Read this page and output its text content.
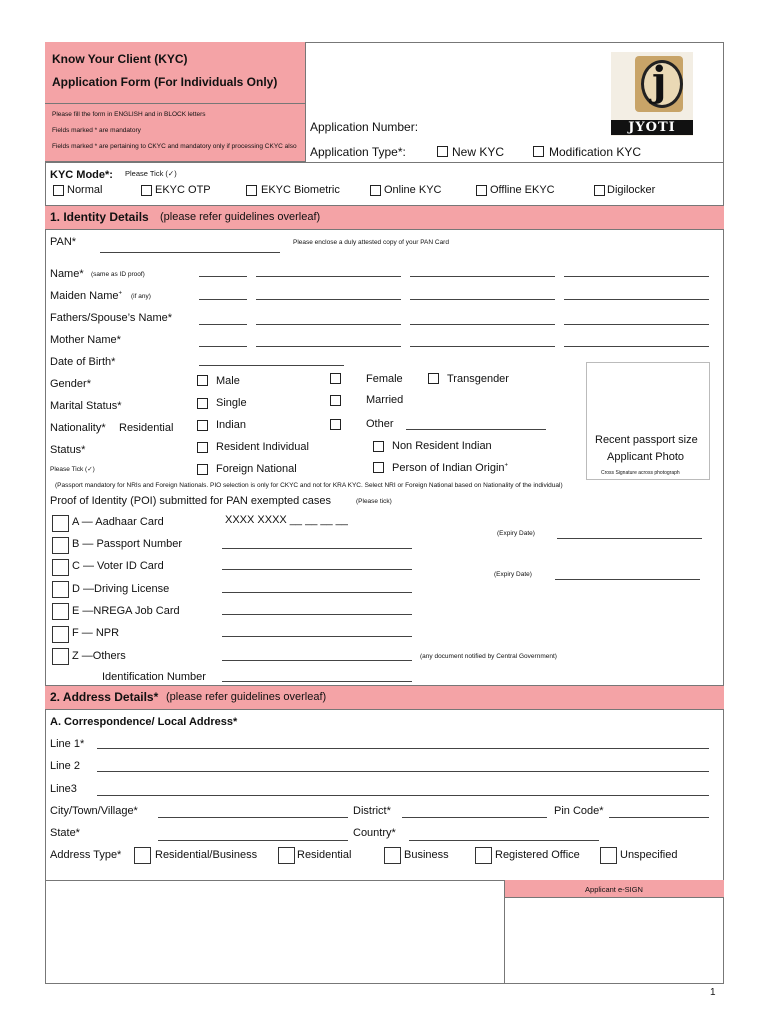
Know Your Client (KYC)
Application Form (For Individuals Only)
Please fill the form in ENGLISH and in BLOCK letters
Fields marked * are mandatory
Fields marked * are pertaining to CKYC and mandatory only if processing CKYC also
Application Number:
Application Type*:	New KYC	Modification KYC
j
JYOTI
KYC Mode*: Please Tick (✓)
Normal	EKYC OTP	EKYC Biometric	Online KYC	Offline EKYC	Digilocker
1. Identity Details (please refer guidelines overleaf)
PAN*	Please enclose a duly attested copy of your PAN Card
Name* (same as ID proof)
Maiden Name+ (if any)
Fathers/Spouse’s Name*
Mother Name*
Date of Birth*
Gender*	Male	Female	Transgender
Marital Status*	Single	Married
Nationality* Residential	Indian	Other
Status*	Resident Individual	Non Resident Indian
Please Tick (✓)	Foreign National	Person of Indian Origin+
Recent passport size
Applicant Photo
Cross Signature across photograph
(Passport mandatory for NRIs and Foreign Nationals. PIO selection is only for CKYC and not for KRA KYC. Select NRI or Foreign National based on Nationality of the individual)
Proof of Identity (POI) submitted for PAN exempted cases	(Please tick)
A — Aadhaar Card	XXXX XXXX __ __ __ __
B — Passport Number
(Expiry Date)
C — Voter ID Card
D —Driving License
(Expiry Date)
E —NREGA Job Card
F — NPR
Z —Others	(any document notified by Central Government)
Identification Number
2. Address Details* (please refer guidelines overleaf)
A. Correspondence/ Local Address*
Line 1*
Line 2
Line3
City/Town/Village*	District*	Pin Code*
State*	Country*
Address Type*	Residential/Business	Residential	Business	Registered Office	Unspecified
Applicant e-SIGN
1
